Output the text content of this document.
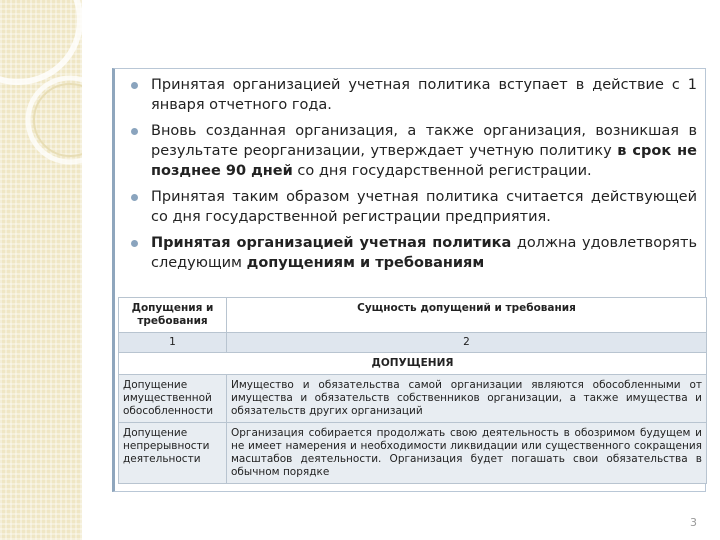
Принятая организацией учетная политика вступает в действие с 1 января отчетного года.
Вновь созданная организация, а также организация, возникшая в результате реорганизации, утверждает учетную политику в срок не позднее 90 дней со дня государственной регистрации.
Принятая таким образом учетная политика считается действующей со дня государственной регистрации предприятия.
Принятая организацией учетная политика должна удовлетворять следующим допущениям и требованиям
Допущения и требования	Сущность допущений и требования
1	2
ДОПУЩЕНИЯ	
Допущение имущественной обособленности	Имущество и обязательства самой организации являются обособленными от имущества и обязательств собственников организации, а также имущества и обязательств других организаций
Допущение непрерывности деятельности	Организация собирается продолжать свою деятельность в обозримом будущем и не имеет намерения и необходимости ликвидации или существенного сокращения масштабов деятельности. Организация будет погашать свои обязательства в обычном порядке
3
